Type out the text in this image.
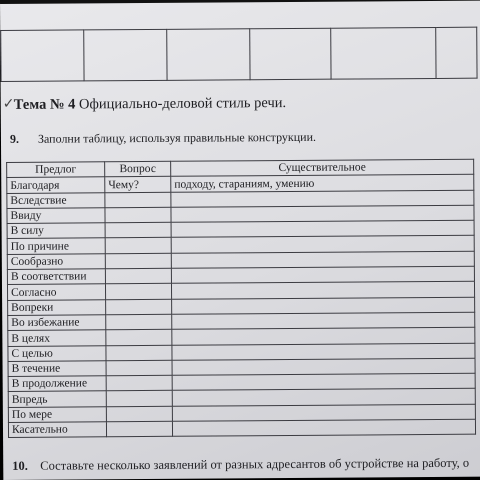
✓ Тема № 4 Официально-деловой стиль речи.
9. Заполни таблицу, используя правильные конструкции.
Предлог	Вопрос	Существительное
Благодаря	Чему?	подходу, стараниям, умению
Вследствие		
Ввиду		
В силу		
По причине		
Сообразно		
В соответствии		
Согласно		
Вопреки		
Во избежание		
В целях		
С целью		
В течение		
В продолжение		
Впредь		
По мере		
Касательно		
10. Составьте несколько заявлений от разных адресантов об устройстве на работу, о
